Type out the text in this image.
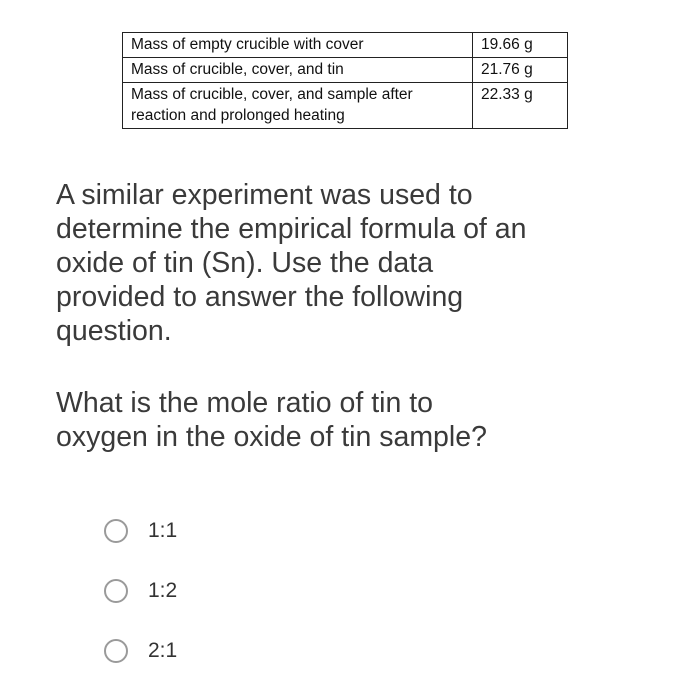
Mass of empty crucible with cover	19.66 g
Mass of crucible, cover, and tin	21.76 g

Mass of crucible, cover, and sample after
reaction and prolonged heating	22.33 g
A similar experiment was used to
determine the empirical formula of an
oxide of tin (Sn). Use the data
provided to answer the following
question.
What is the mole ratio of tin to
oxygen in the oxide of tin sample?
1:1
1:2
2:1
